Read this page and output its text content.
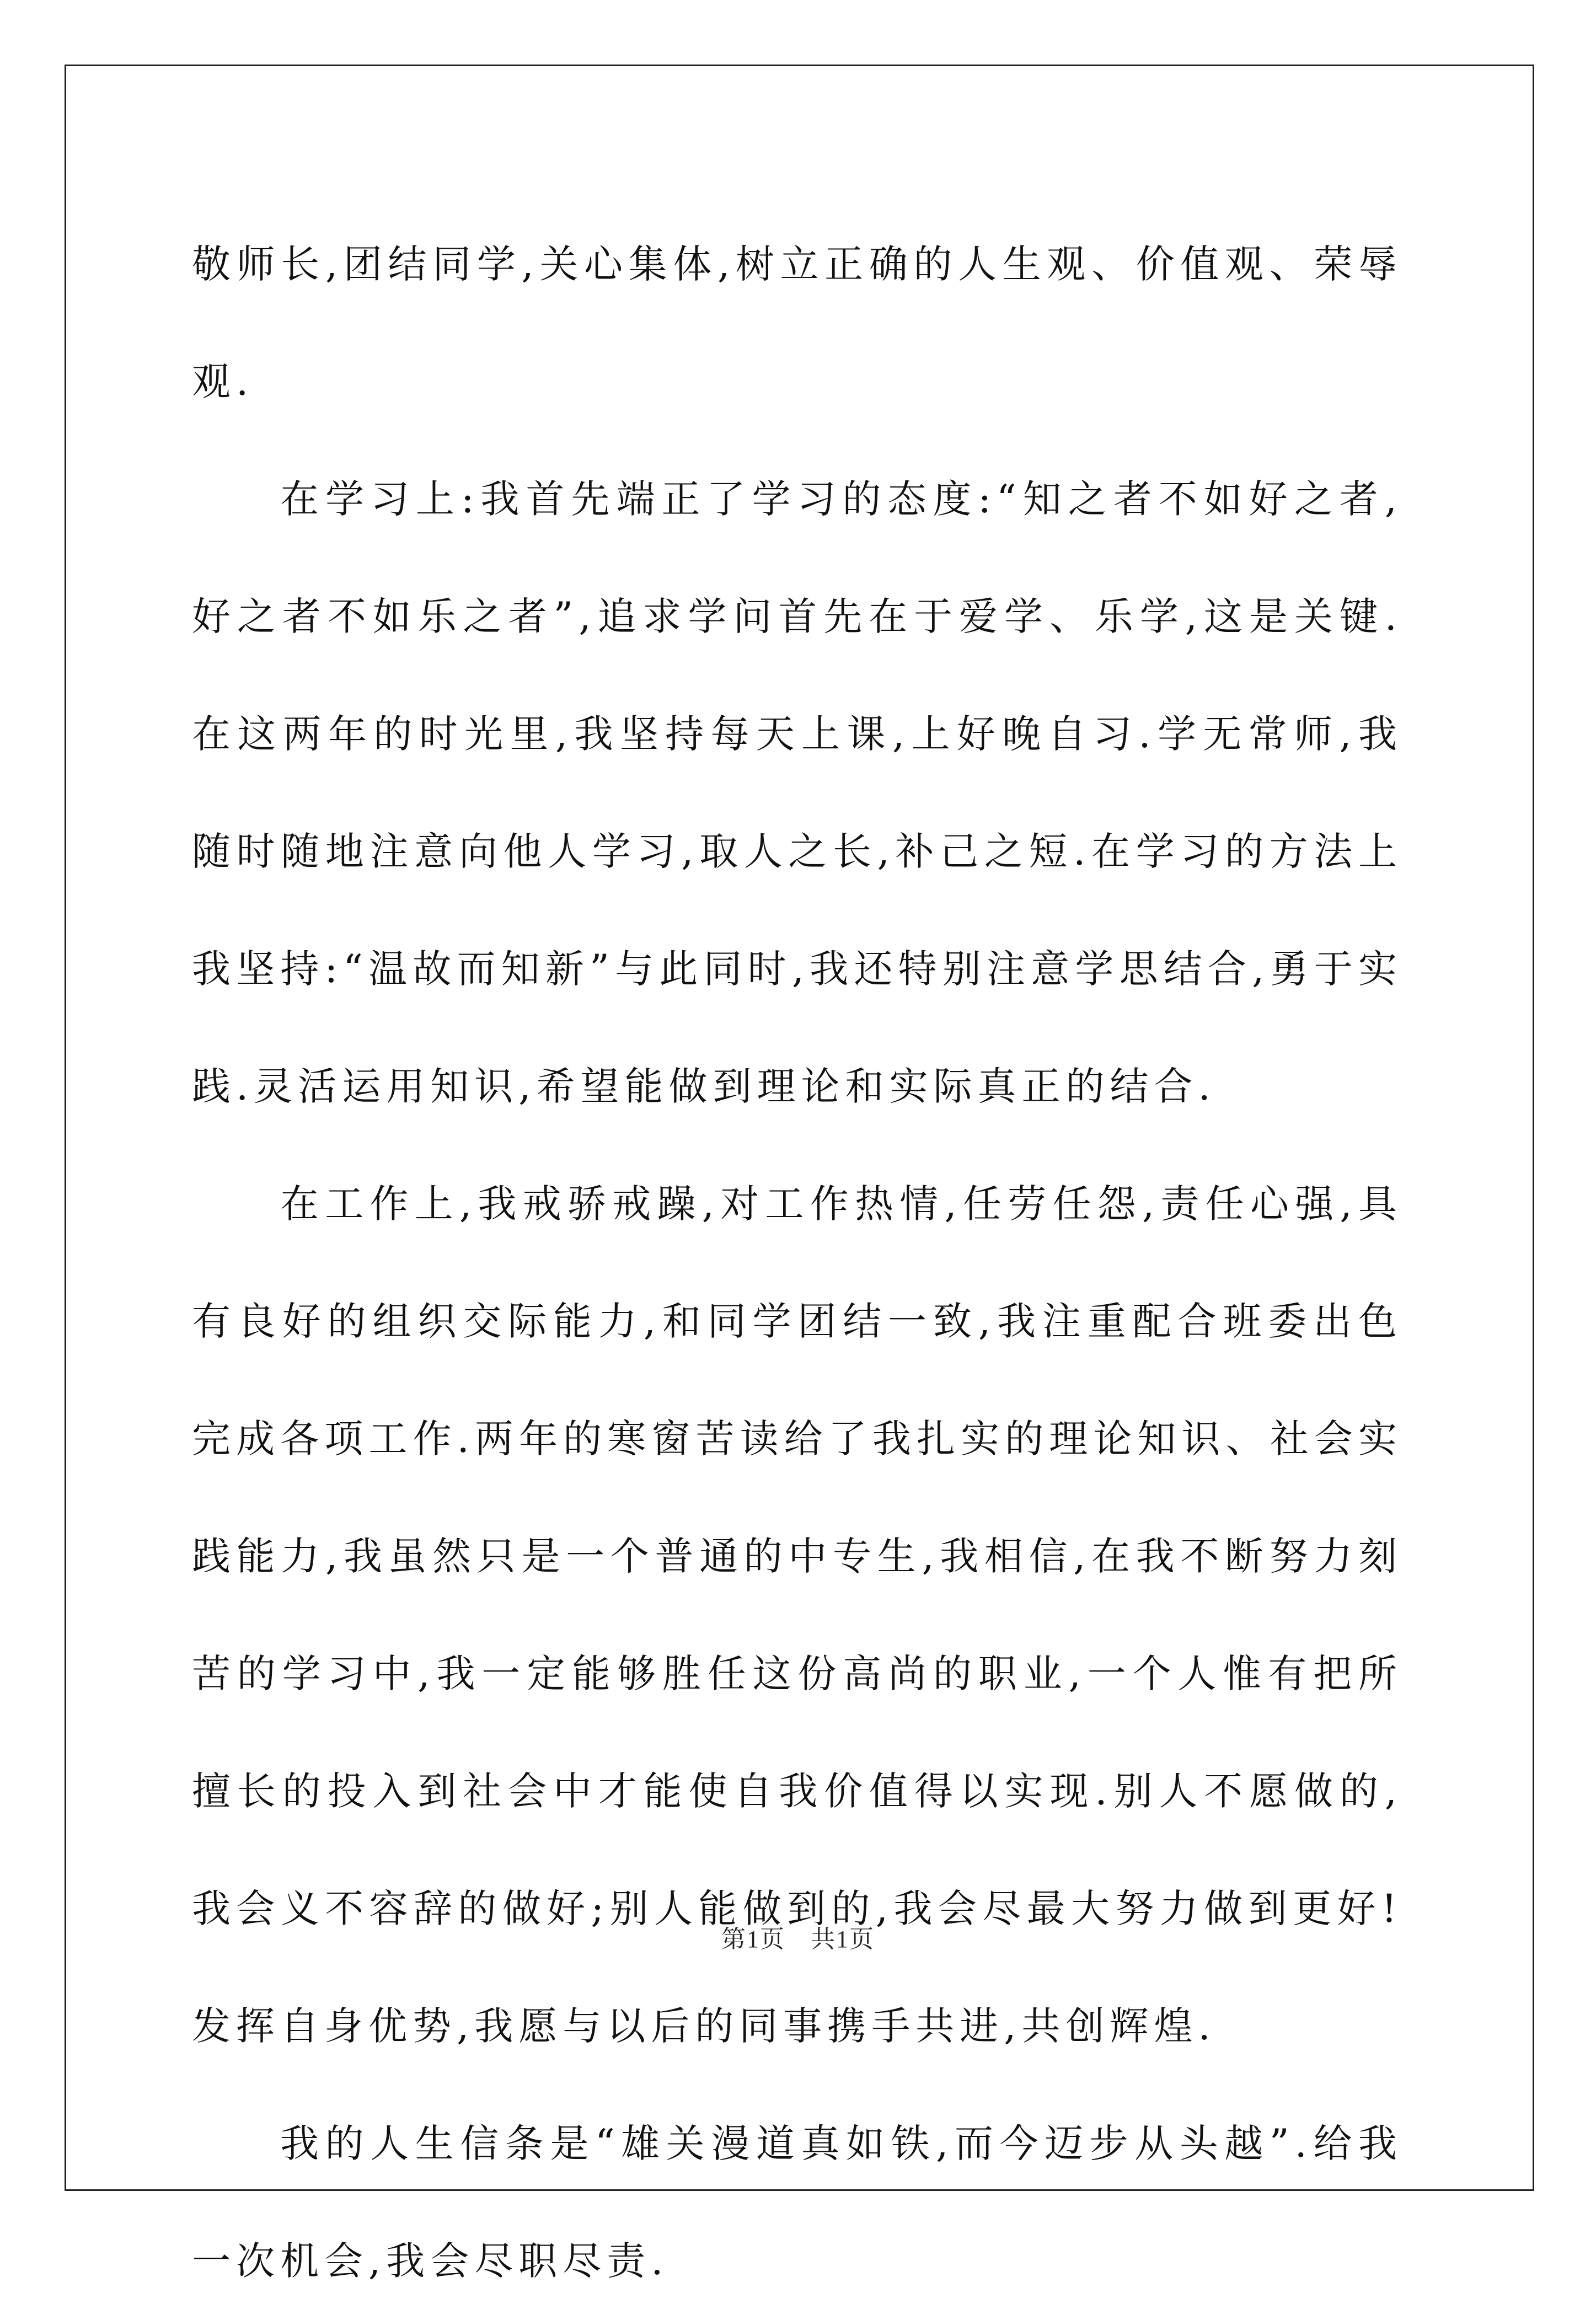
敬师长,团结同学,关心集体,树立正确的人生观、价值观、荣辱观.

在学习上:我首先端正了学习的态度:“知之者不如好之者,好之者不如乐之者”,追求学问首先在于爱学、乐学,这是关键.在这两年的时光里,我坚持每天上课,上好晚自习.学无常师,我随时随地注意向他人学习,取人之长,补己之短.在学习的方法上我坚持:“温故而知新”与此同时,我还特别注意学思结合,勇于实践.灵活运用知识,希望能做到理论和实际真正的结合.

在工作上,我戒骄戒躁,对工作热情,任劳任怨,责任心强,具有良好的组织交际能力,和同学团结一致,我注重配合班委出色完成各项工作.两年的寒窗苦读给了我扎实的理论知识、社会实践能力,我虽然只是一个普通的中专生,我相信,在我不断努力刻苦的学习中,我一定能够胜任这份高尚的职业,一个人惟有把所擅长的投入到社会中才能使自我价值得以实现.别人不愿做的,我会义不容辞的做好;别人能做到的,我会尽最大努力做到更好!发挥自身优势,我愿与以后的同事携手共进,共创辉煌.

我的人生信条是“雄关漫道真如铁,而今迈步从头越”.给我一次机会,我会尽职尽责.

第1页　共1页
